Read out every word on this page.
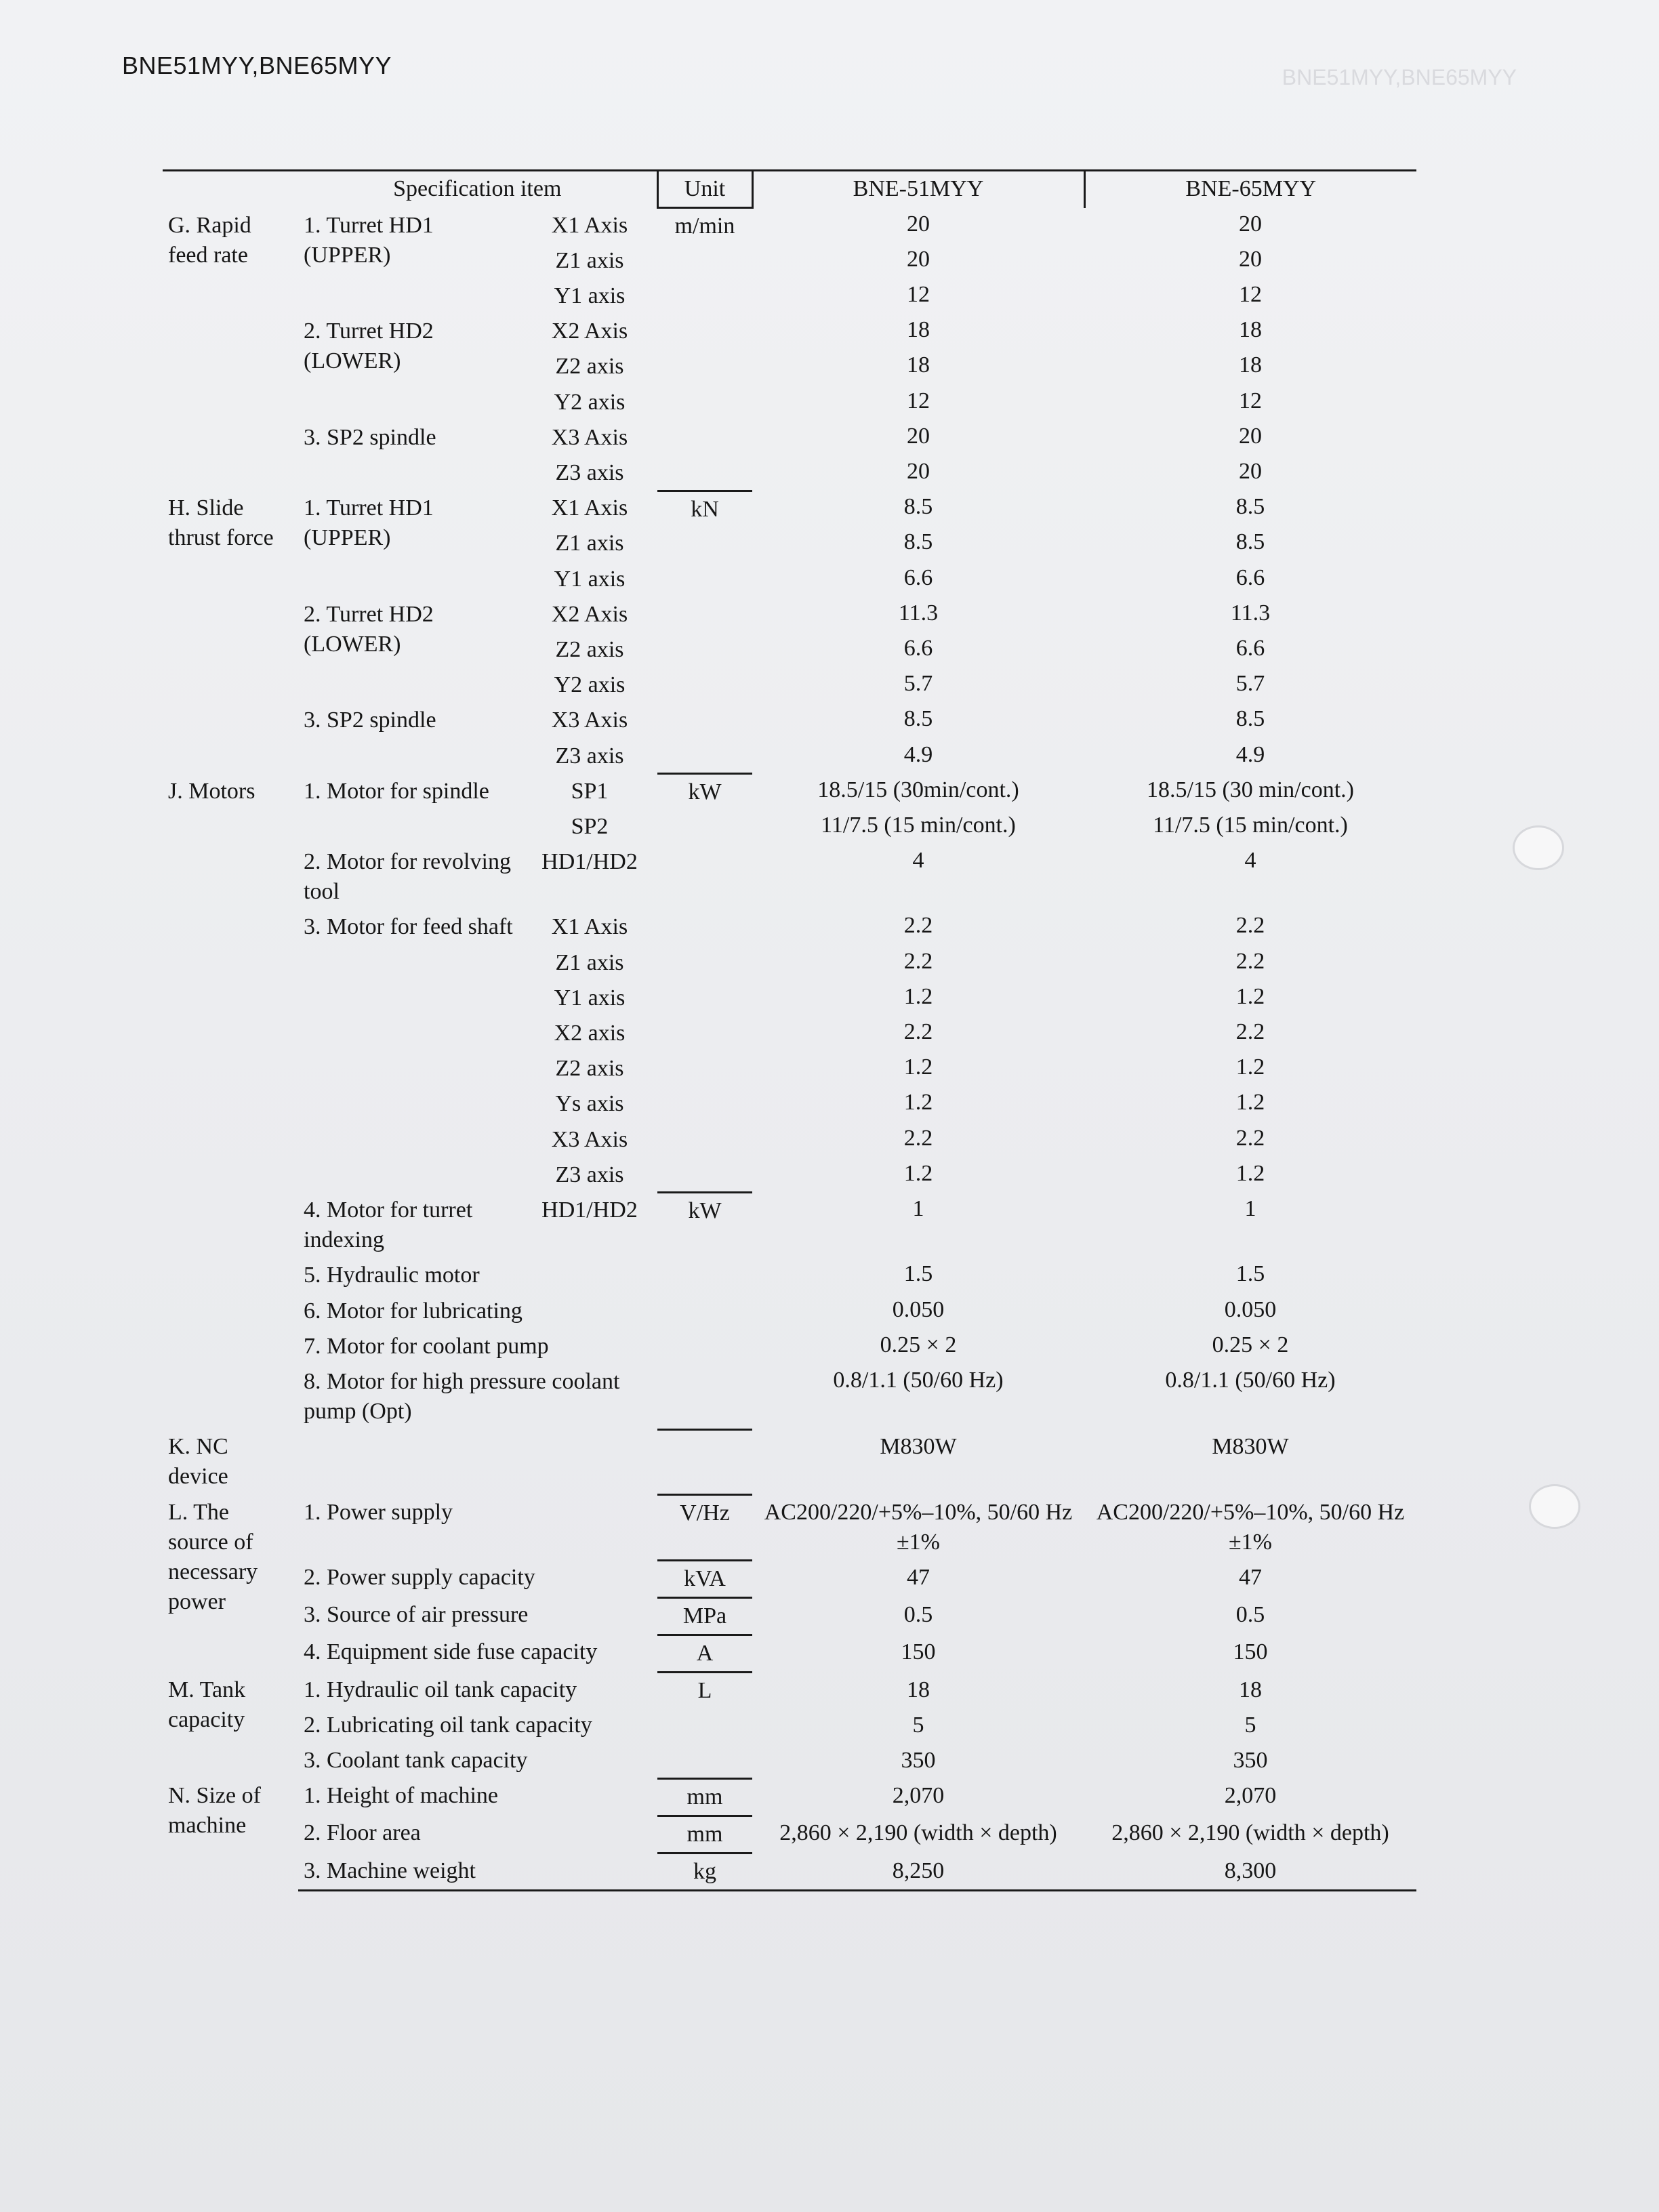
BNE51MYY,BNE65MYY	BNE51MYY,BNE65MYY
	Specification item		Unit	BNE-51MYY	BNE-65MYY
G. Rapid feed rate	1. Turret HD1 (UPPER)	X1 Axis	m/min	20	20
		Z1 axis		20	20
		Y1 axis		12	12
	2. Turret HD2 (LOWER)	X2 Axis		18	18
		Z2 axis		18	18
		Y2 axis		12	12
	3. SP2 spindle	X3 Axis		20	20
		Z3 axis		20	20
H. Slide thrust force	1. Turret HD1 (UPPER)	X1 Axis	kN	8.5	8.5
		Z1 axis		8.5	8.5
		Y1 axis		6.6	6.6
	2. Turret HD2 (LOWER)	X2 Axis		11.3	11.3
		Z2 axis		6.6	6.6
		Y2 axis		5.7	5.7
	3. SP2 spindle	X3 Axis		8.5	8.5
		Z3 axis		4.9	4.9
J. Motors	1. Motor for spindle	SP1	kW	18.5/15 (30min/cont.)	18.5/15 (30 min/cont.)
		SP2		11/7.5 (15 min/cont.)	11/7.5 (15 min/cont.)
	2. Motor for revolving tool	HD1/HD2		4	4
	3. Motor for feed shaft	X1 Axis		2.2	2.2
		Z1 axis		2.2	2.2
		Y1 axis		1.2	1.2
		X2 axis		2.2	2.2
		Z2 axis		1.2	1.2
		Ys axis		1.2	1.2
		X3 Axis		2.2	2.2
		Z3 axis		1.2	1.2
	4. Motor for turret indexing	HD1/HD2	kW	1	1
	5. Hydraulic motor			1.5	1.5
	6. Motor for lubricating			0.050	0.050
	7. Motor for coolant pump			0.25 × 2	0.25 × 2
	8. Motor for high pressure coolant pump (Opt)			0.8/1.1 (50/60 Hz)	0.8/1.1 (50/60 Hz)
K. NC device				M830W	M830W
L. The source of necessary power	1. Power supply		V/Hz	AC200/220/+5%–10%, 50/60 Hz ±1%	AC200/220/+5%–10%, 50/60 Hz ±1%
	2. Power supply capacity		kVA	47	47
	3. Source of air pressure		MPa	0.5	0.5
	4. Equipment side fuse capacity		A	150	150
M. Tank capacity	1. Hydraulic oil tank capacity		L	18	18
	2. Lubricating oil tank capacity			5	5
	3. Coolant tank capacity			350	350
N. Size of machine	1. Height of machine		mm	2,070	2,070
	2. Floor area		mm	2,860 × 2,190 (width × depth)	2,860 × 2,190 (width × depth)
	3. Machine weight		kg	8,250	8,300
